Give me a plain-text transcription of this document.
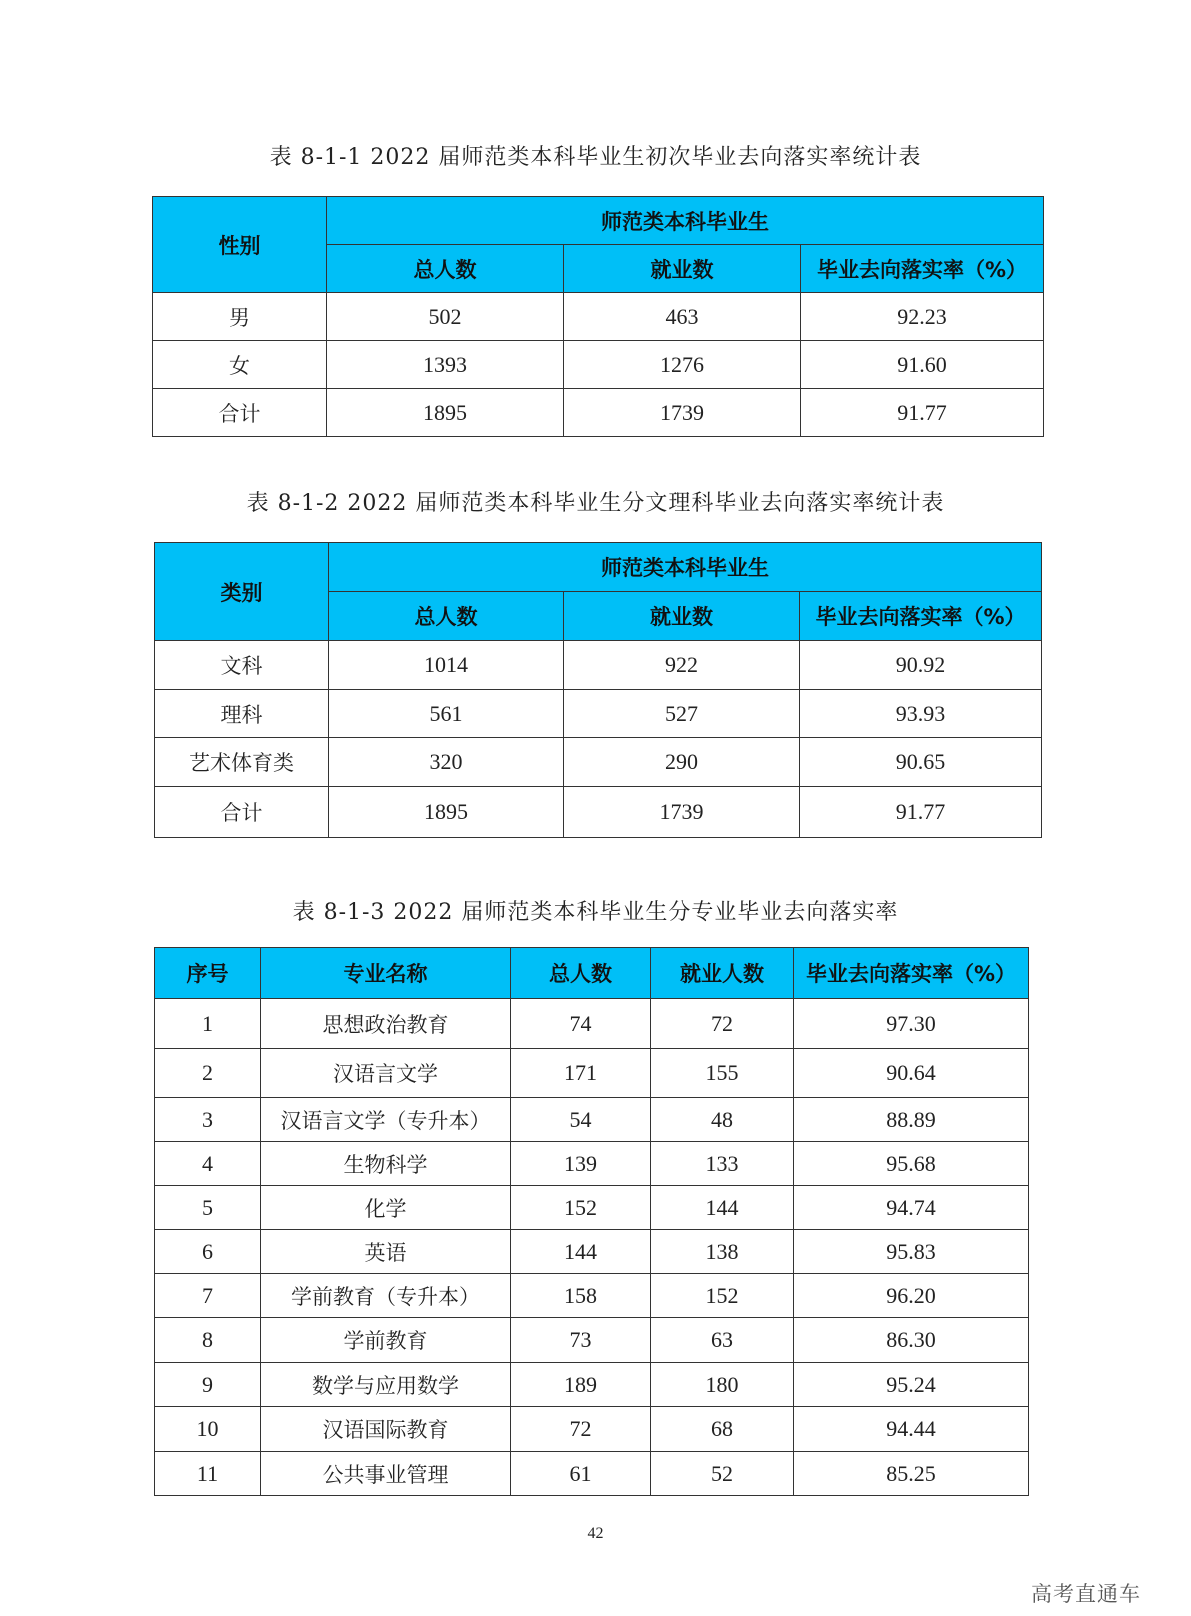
表 8-1-1 2022 届师范类本科毕业生初次毕业去向落实率统计表
性别	师范类本科毕业生		
	总人数	就业数	毕业去向落实率（%）
男	502	463	92.23
女	1393	1276	91.60
合计	1895	1739	91.77
表 8-1-2 2022 届师范类本科毕业生分文理科毕业去向落实率统计表
类别	师范类本科毕业生		
	总人数	就业数	毕业去向落实率（%）
文科	1014	922	90.92
理科	561	527	93.93
艺术体育类	320	290	90.65
合计	1895	1739	91.77
表 8-1-3 2022 届师范类本科毕业生分专业毕业去向落实率
序号	专业名称	总人数	就业人数	毕业去向落实率（%）
1	思想政治教育	74	72	97.30
2	汉语言文学	171	155	90.64
3	汉语言文学（专升本）	54	48	88.89
4	生物科学	139	133	95.68
5	化学	152	144	94.74
6	英语	144	138	95.83
7	学前教育（专升本）	158	152	96.20
8	学前教育	73	63	86.30
9	数学与应用数学	189	180	95.24
10	汉语国际教育	72	68	94.44
11	公共事业管理	61	52	85.25
42
高考直通车
